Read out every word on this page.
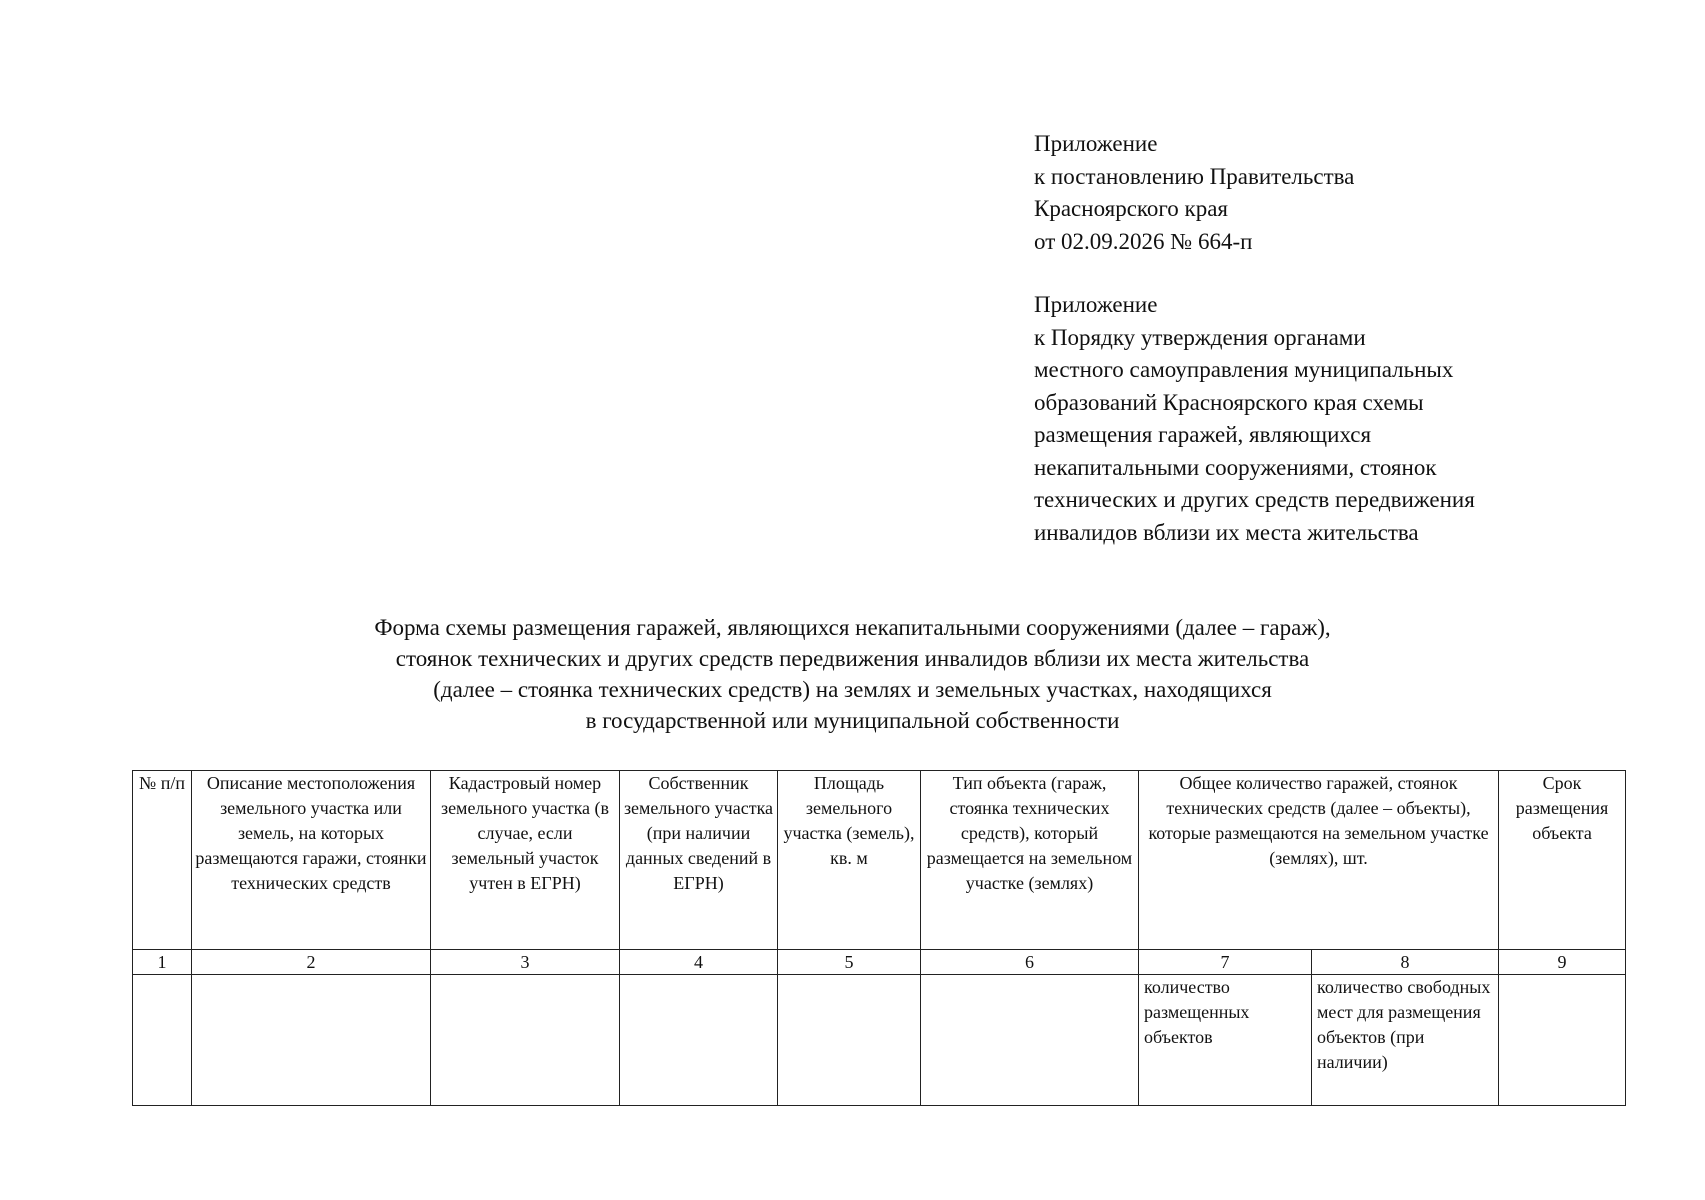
Приложение
к постановлению Правительства
Красноярского края
от 02.09.2026 № 664-п
Приложение
к Порядку утверждения органами
местного самоуправления муниципальных
образований Красноярского края схемы
размещения гаражей, являющихся
некапитальными сооружениями, стоянок
технических и других средств передвижения
инвалидов вблизи их места жительства
Форма схемы размещения гаражей, являющихся некапитальными сооружениями (далее – гараж),
стоянок технических и других средств передвижения инвалидов вблизи их места жительства
(далее – стоянка технических средств) на землях и земельных участках, находящихся
в государственной или муниципальной собственности
№ п/п	Описание местоположения земельного участка или земель, на которых размещаются гаражи, стоянки технических средств	Кадастровый номер земельного участка (в случае, если земельный участок учтен в ЕГРН)	Собственник земельного участка (при наличии данных сведений в ЕГРН)	Площадь земельного участка (земель), кв. м	Тип объекта (гараж, стоянка технических средств), который размещается на земельном участке (землях)	Общее количество гаражей, стоянок технических средств (далее – объекты), которые размещаются на земельном участке (землях), шт.		Срок размещения объекта
1	2	3	4	5	6	7	8	9
						количество размещенных объектов	количество свободных мест для размещения объектов (при наличии)	
